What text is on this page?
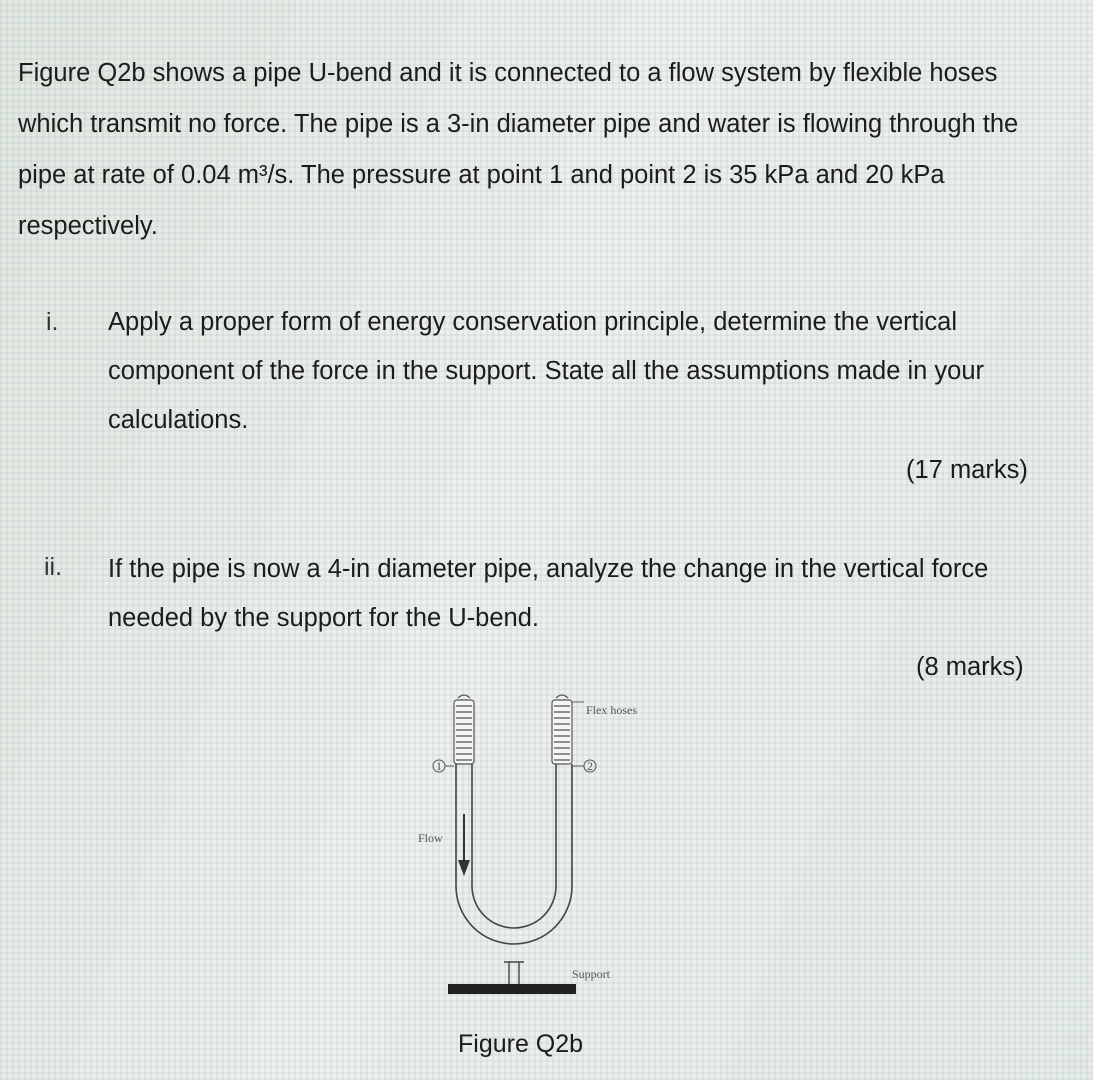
Figure Q2b shows a pipe U-bend and it is connected to a flow system by flexible hoses which transmit no force. The pipe is a 3-in diameter pipe and water is flowing through the pipe at rate of 0.04 m³/s. The pressure at point 1 and point 2 is 35 kPa and 20 kPa respectively.

i. Apply a proper form of energy conservation principle, determine the vertical component of the force in the support. State all the assumptions made in your calculations.

(17 marks)
ii. If the pipe is now a 4-in diameter pipe, analyze the change in the vertical force needed by the support for the U-bend.

(8 marks)
Flex hoses
1	2
Flow
Support
Figure Q2b
